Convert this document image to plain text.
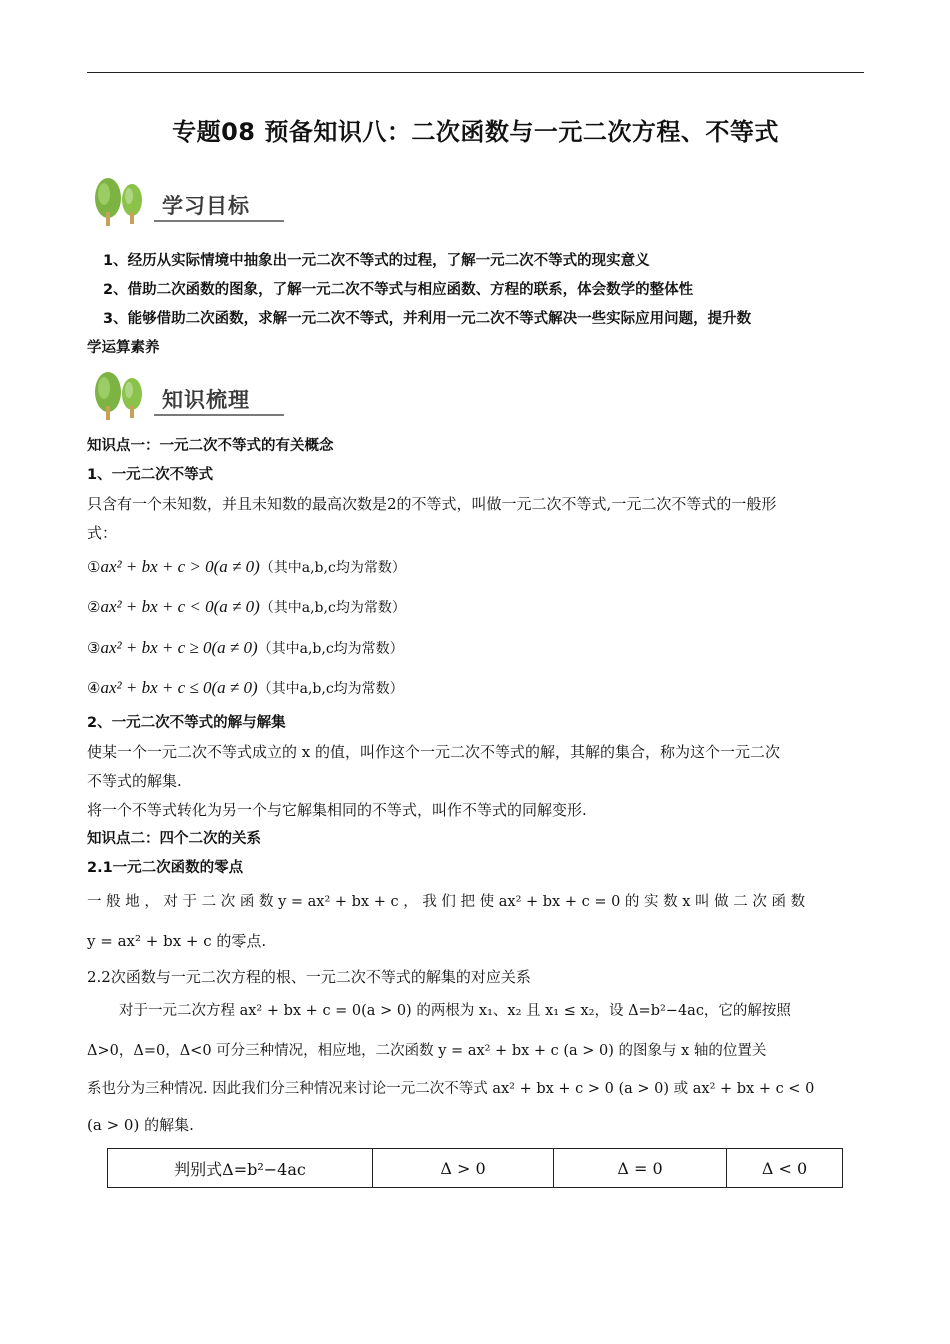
专题08 预备知识八：二次函数与一元二次方程、不等式
学习目标
1、经历从实际情境中抽象出一元二次不等式的过程，了解一元二次不等式的现实意义
2、借助二次函数的图象，了解一元二次不等式与相应函数、方程的联系，体会数学的整体性
3、能够借助二次函数，求解一元二次不等式，并利用一元二次不等式解决一些实际应用问题，提升数
学运算素养
知识梳理
知识点一：一元二次不等式的有关概念
1、一元二次不等式
只含有一个未知数，并且未知数的最高次数是2的不等式，叫做一元二次不等式,一元二次不等式的一般形
式：
①ax² + bx + c > 0(a ≠ 0)（其中a,b,c均为常数）
②ax² + bx + c < 0(a ≠ 0)（其中a,b,c均为常数）
③ax² + bx + c ≥ 0(a ≠ 0)（其中a,b,c均为常数）
④ax² + bx + c ≤ 0(a ≠ 0)（其中a,b,c均为常数）
2、一元二次不等式的解与解集
使某一个一元二次不等式成立的 x 的值，叫作这个一元二次不等式的解，其解的集合，称为这个一元二次
不等式的解集.
将一个不等式转化为另一个与它解集相同的不等式，叫作不等式的同解变形.
知识点二：四个二次的关系
2.1一元二次函数的零点
一 般 地 ， 对 于 二 次 函 数 y = ax² + bx + c ， 我 们 把 使 ax² + bx + c = 0 的 实 数 x 叫 做 二 次 函 数
y = ax² + bx + c 的零点.
2.2次函数与一元二次方程的根、一元二次不等式的解集的对应关系
对于一元二次方程 ax² + bx + c = 0(a > 0) 的两根为 x₁、x₂ 且 x₁ ≤ x₂，设 Δ=b²−4ac，它的解按照
Δ>0，Δ=0，Δ<0 可分三种情况，相应地，二次函数 y = ax² + bx + c (a > 0) 的图象与 x 轴的位置关
系也分为三种情况. 因此我们分三种情况来讨论一元二次不等式 ax² + bx + c > 0 (a > 0) 或 ax² + bx + c < 0
(a > 0) 的解集.
判别式Δ=b²−4ac	Δ > 0	Δ = 0	Δ < 0
